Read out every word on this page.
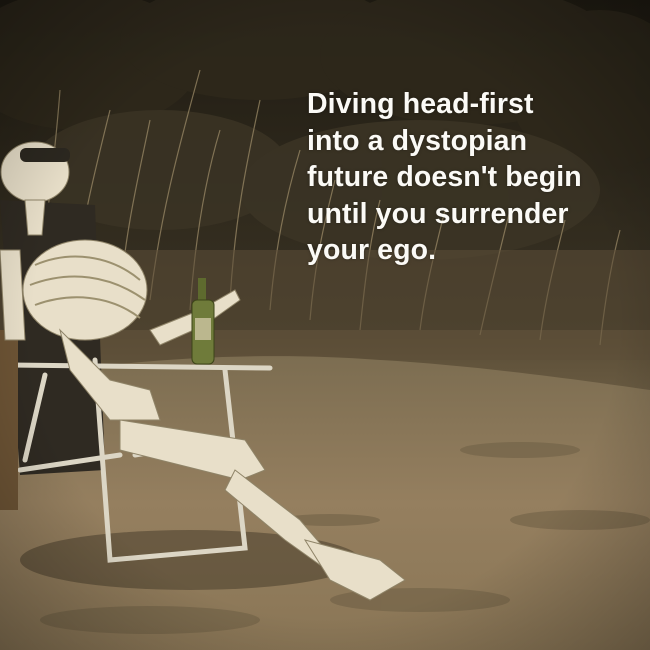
Diving head-first
into a dystopian
future doesn't begin
until you surrender
your ego.
